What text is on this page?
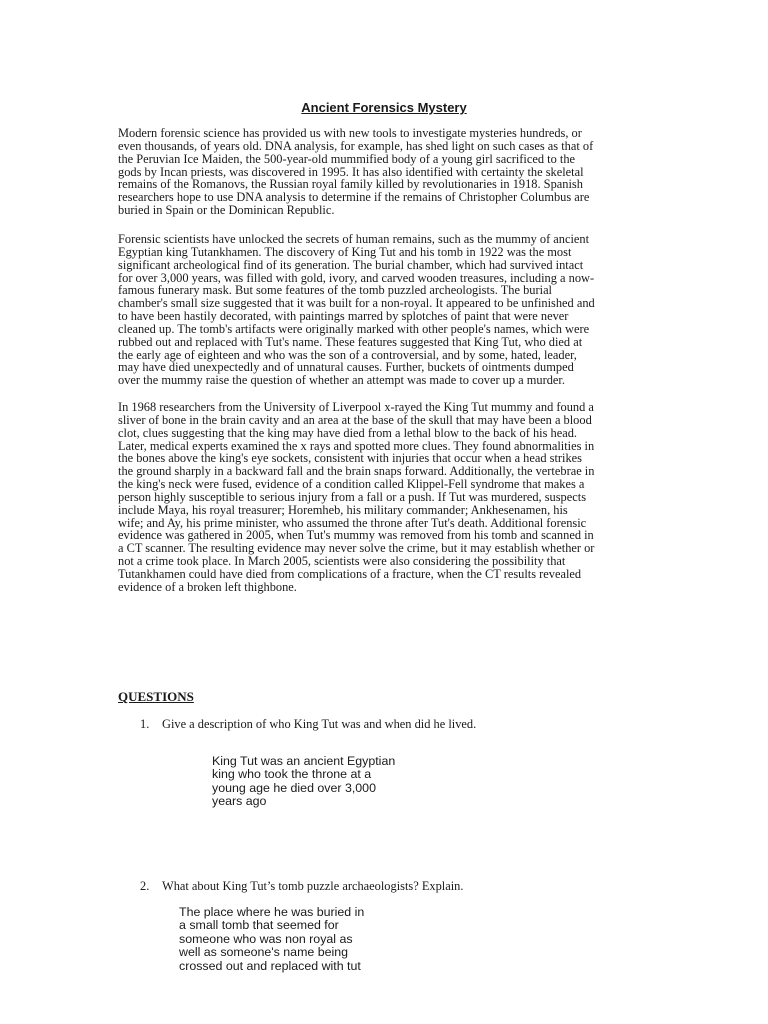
Ancient Forensics Mystery
Modern forensic science has provided us with new tools to investigate mysteries hundreds, or
even thousands, of years old. DNA analysis, for example, has shed light on such cases as that of
the Peruvian Ice Maiden, the 500-year-old mummified body of a young girl sacrificed to the
gods by Incan priests, was discovered in 1995. It has also identified with certainty the skeletal
remains of the Romanovs, the Russian royal family killed by revolutionaries in 1918. Spanish
researchers hope to use DNA analysis to determine if the remains of Christopher Columbus are
buried in Spain or the Dominican Republic.
Forensic scientists have unlocked the secrets of human remains, such as the mummy of ancient
Egyptian king Tutankhamen. The discovery of King Tut and his tomb in 1922 was the most
significant archeological find of its generation. The burial chamber, which had survived intact
for over 3,000 years, was filled with gold, ivory, and carved wooden treasures, including a now-
famous funerary mask. But some features of the tomb puzzled archeologists. The burial
chamber's small size suggested that it was built for a non-royal. It appeared to be unfinished and
to have been hastily decorated, with paintings marred by splotches of paint that were never
cleaned up. The tomb's artifacts were originally marked with other people's names, which were
rubbed out and replaced with Tut's name. These features suggested that King Tut, who died at
the early age of eighteen and who was the son of a controversial, and by some, hated, leader,
may have died unexpectedly and of unnatural causes. Further, buckets of ointments dumped
over the mummy raise the question of whether an attempt was made to cover up a murder.
In 1968 researchers from the University of Liverpool x-rayed the King Tut mummy and found a
sliver of bone in the brain cavity and an area at the base of the skull that may have been a blood
clot, clues suggesting that the king may have died from a lethal blow to the back of his head.
Later, medical experts examined the x rays and spotted more clues. They found abnormalities in
the bones above the king's eye sockets, consistent with injuries that occur when a head strikes
the ground sharply in a backward fall and the brain snaps forward. Additionally, the vertebrae in
the king's neck were fused, evidence of a condition called Klippel-Fell syndrome that makes a
person highly susceptible to serious injury from a fall or a push. If Tut was murdered, suspects
include Maya, his royal treasurer; Horemheb, his military commander; Ankhesenamen, his
wife; and Ay, his prime minister, who assumed the throne after Tut's death. Additional forensic
evidence was gathered in 2005, when Tut's mummy was removed from his tomb and scanned in
a CT scanner. The resulting evidence may never solve the crime, but it may establish whether or
not a crime took place. In March 2005, scientists were also considering the possibility that
Tutankhamen could have died from complications of a fracture, when the CT results revealed
evidence of a broken left thighbone.
QUESTIONS
1. Give a description of who King Tut was and when did he lived.
King Tut was an ancient Egyptian
king who took the throne at a
young age he died over 3,000
years ago
2. What about King Tut’s tomb puzzle archaeologists? Explain.
The place where he was buried in
a small tomb that seemed for
someone who was non royal as
well as someone's name being
crossed out and replaced with tut
